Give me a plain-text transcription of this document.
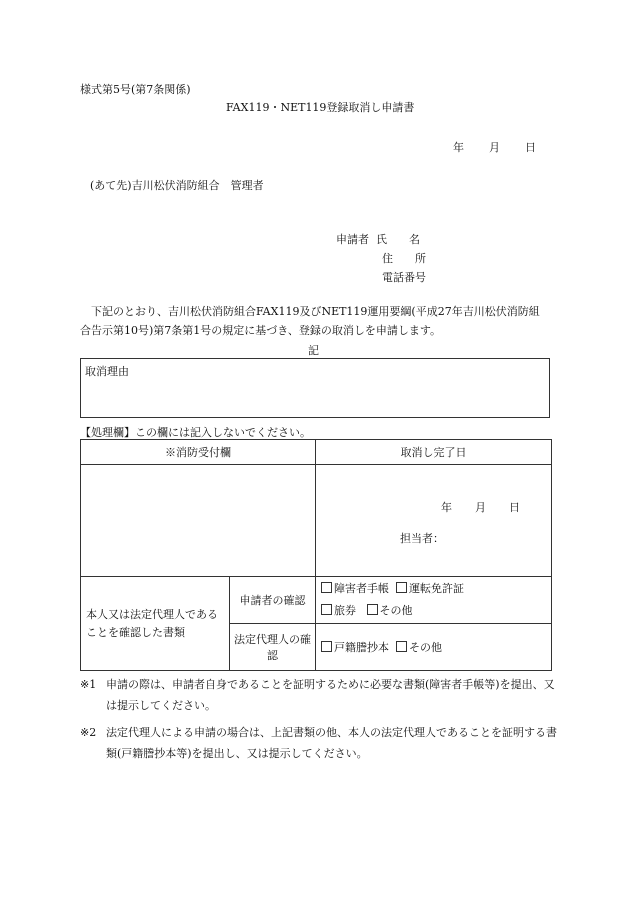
様式第5号(第7条関係)
FAX119・NET119登録取消し申請書
年 月 日
(あて先)吉川松伏消防組合　管理者
申請者 氏　　名
住　　所
電話番号
下記のとおり、吉川松伏消防組合FAX119及びNET119運用要綱(平成27年吉川松伏消防組合告示第10号)第7条第1号の規定に基づき、登録の取消しを申請します。
記
取消理由
【処理欄】この欄には記入しないでください。
※消防受付欄		取消し完了日

		年 月 日
担当者：

本人又は法定代理人であることを確認した書類	申請者の確認	障害者手帳 運転免許証
旅券 その他

	法定代理人の確認	戸籍謄抄本 その他
※1 申請の際は、申請者自身であることを証明するために必要な書類(障害者手帳等)を提出、又は提示してください。
※2 法定代理人による申請の場合は、上記書類の他、本人の法定代理人であることを証明する書類(戸籍謄抄本等)を提出し、又は提示してください。
